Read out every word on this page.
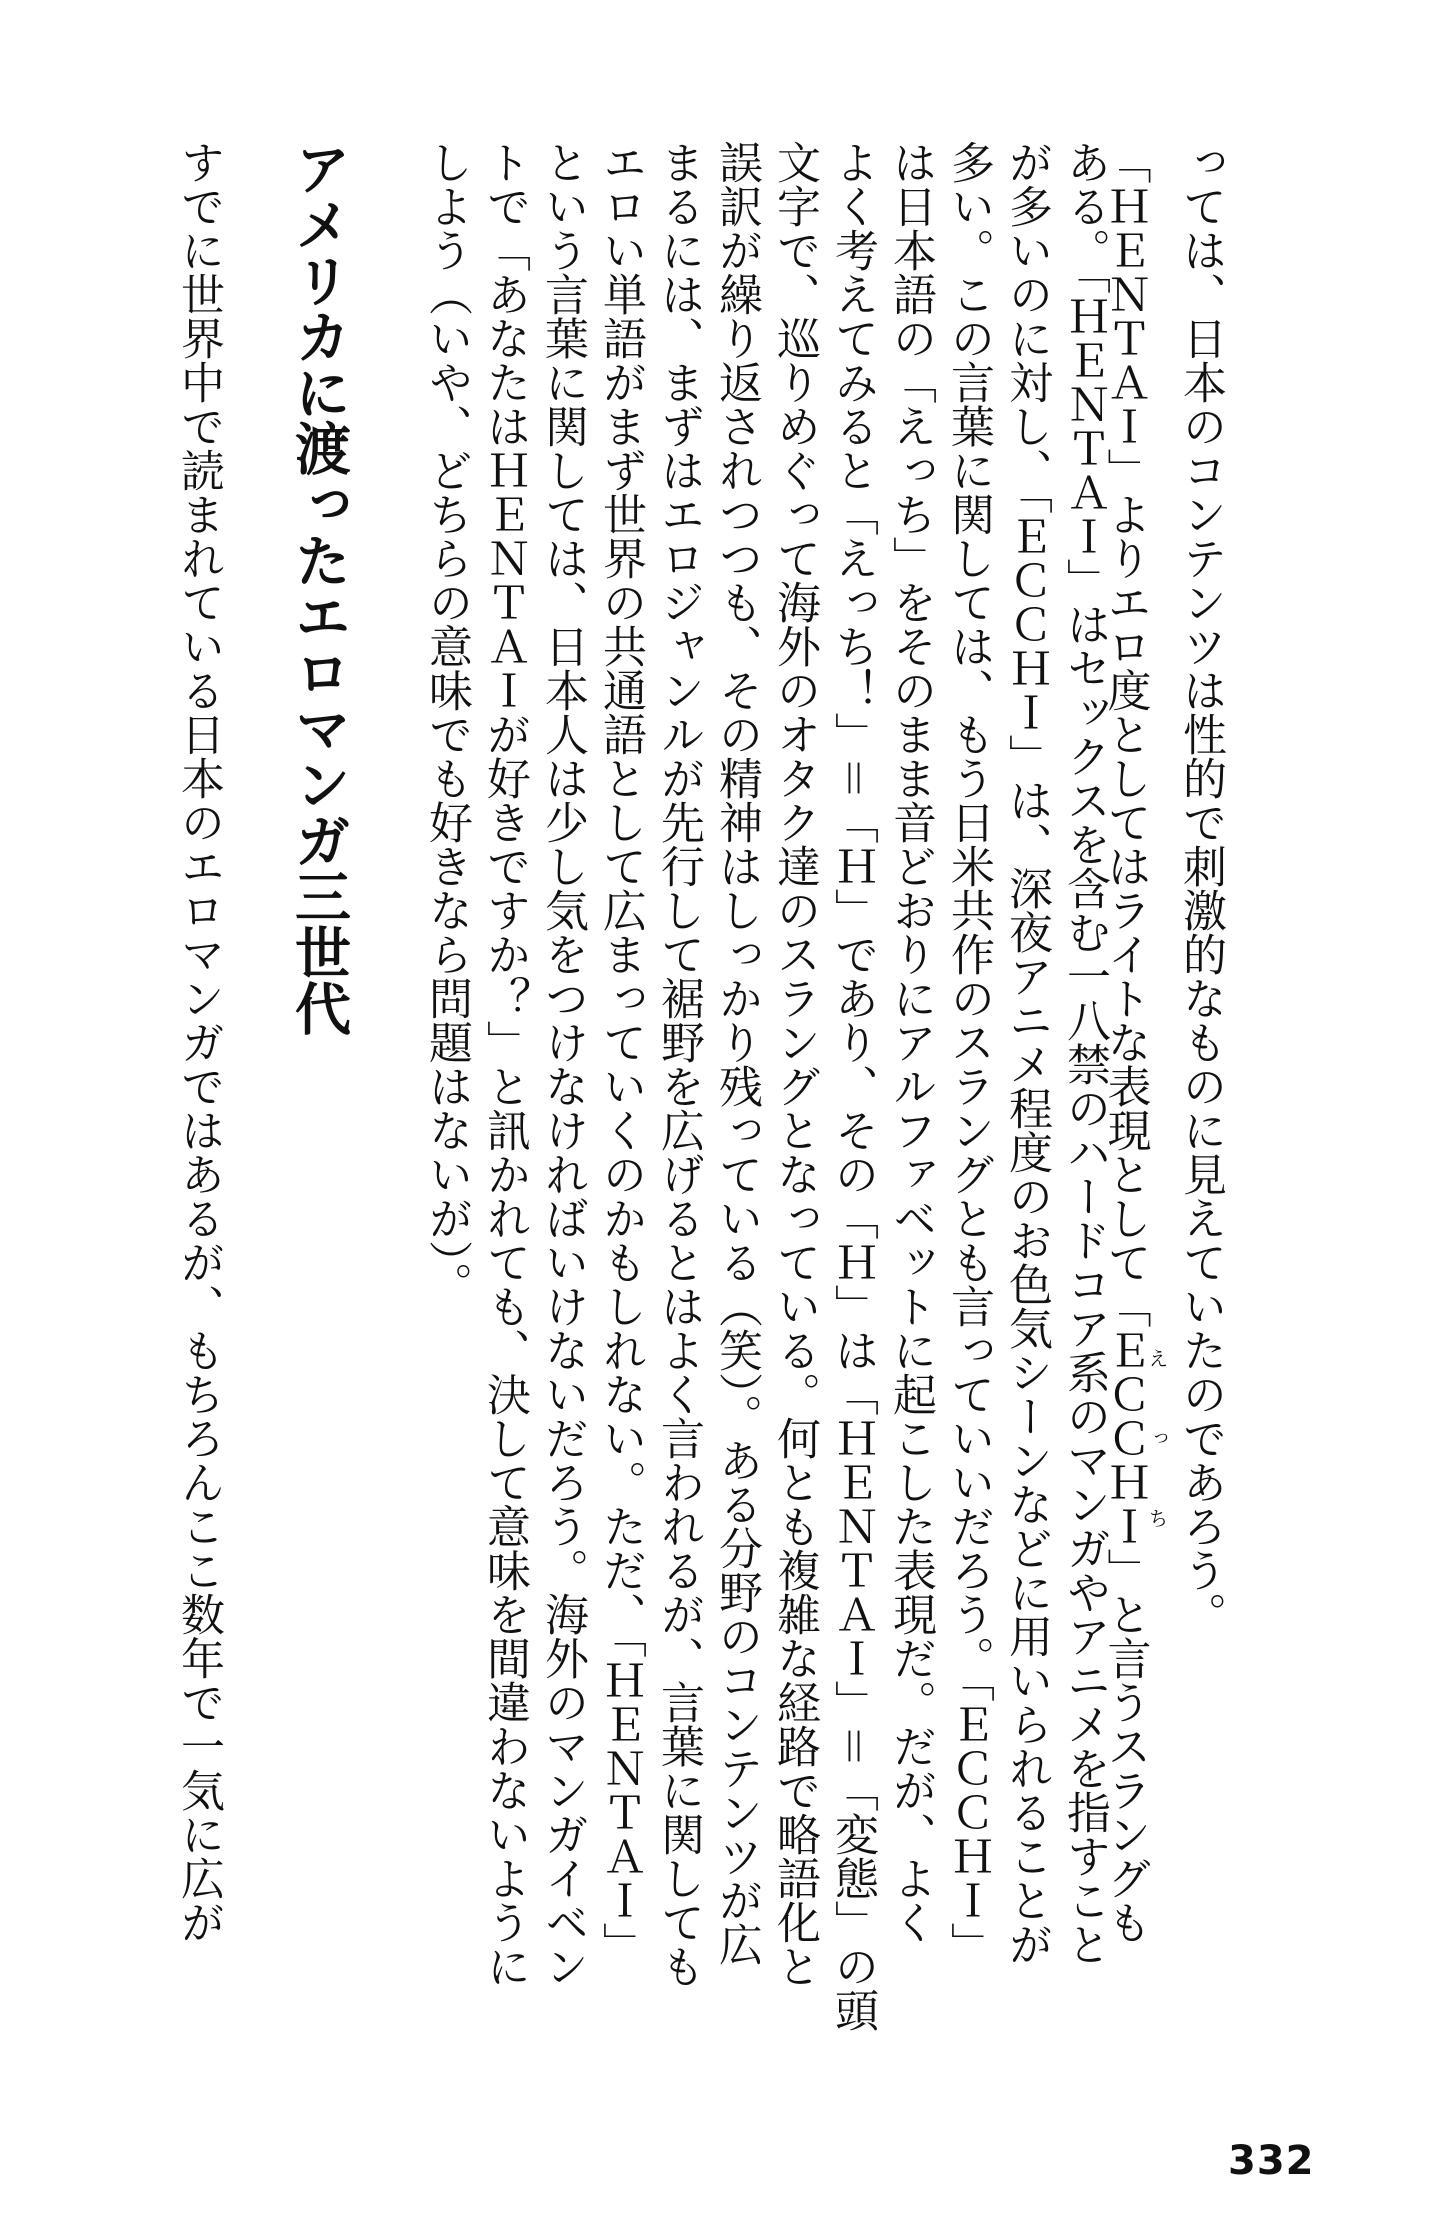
っては、日本のコンテンツは性的で刺激的なものに見えていたのであろう。
「ＨＥＮＴＡＩ」よりエロ度としてはライトな表現として「ＥＣＣＨＩえっち」と言うスラングも
ある。「ＨＥＮＴＡＩ」はセックスを含む一八禁のハードコア系のマンガやアニメを指すこと
が多いのに対し、「ＥＣＣＨＩ」は、深夜アニメ程度のお色気シーンなどに用いられることが
多い。この言葉に関しては、もう日米共作のスラングとも言っていいだろう。「ＥＣＣＨＩ」
は日本語の「えっち」をそのまま音どおりにアルファベットに起こした表現だ。だが、よく
よく考えてみると「えっち！」＝「Ｈ」であり、その「Ｈ」は「ＨＥＮＴＡＩ」＝「変態」の頭
文字で、巡りめぐって海外のオタク達のスラングとなっている。何とも複雑な経路で略語化と
誤訳が繰り返されつつも、その精神はしっかり残っている（笑）。ある分野のコンテンツが広
まるには、まずはエロジャンルが先行して裾野を広げるとはよく言われるが、言葉に関しても
エロい単語がまず世界の共通語として広まっていくのかもしれない。ただ、「ＨＥＮＴＡＩ」
という言葉に関しては、日本人は少し気をつけなければいけないだろう。海外のマンガイベン
トで「あなたはＨＥＮＴＡＩが好きですか？」と訊かれても、決して意味を間違わないように
しよう（いや、どちらの意味でも好きなら問題はないが）。
アメリカに渡ったエロマンガ三世代
すでに世界中で読まれている日本のエロマンガではあるが、もちろんここ数年で一気に広が
332
